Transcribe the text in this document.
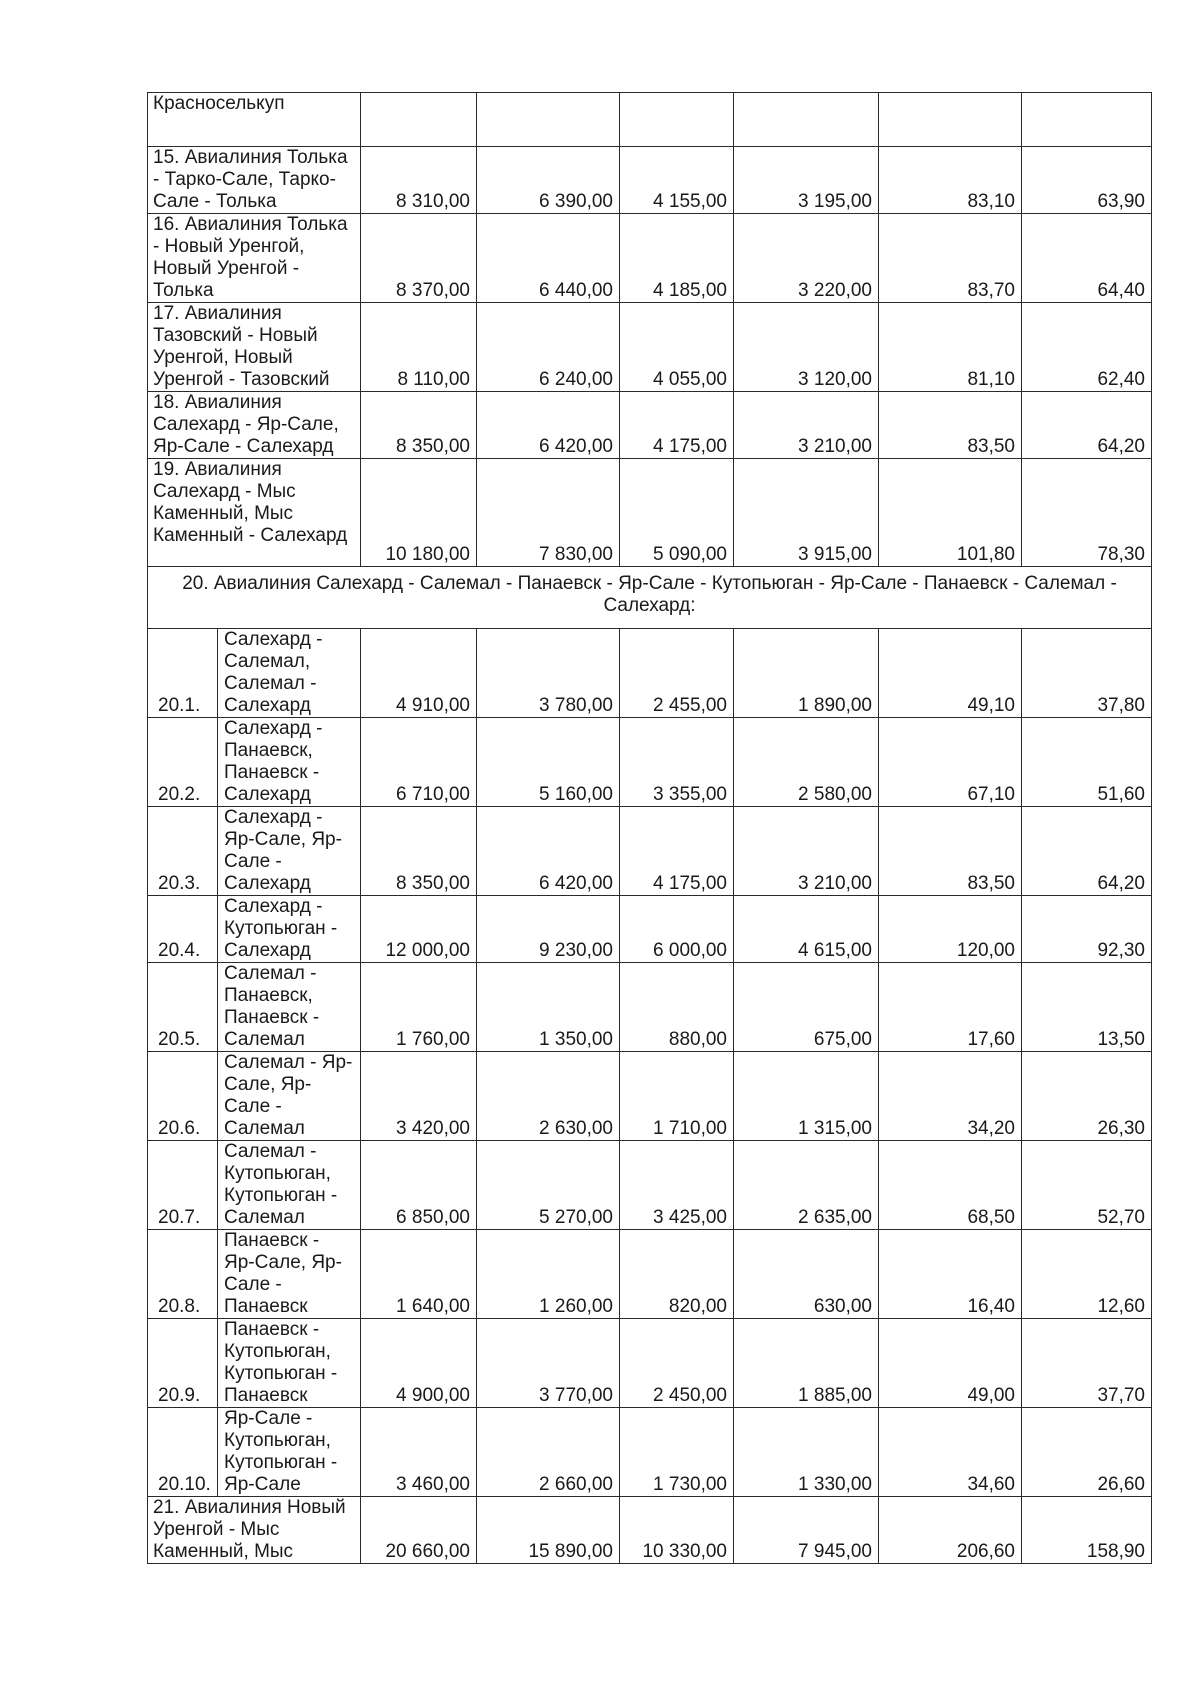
Красноселькуп							
15. Авиалиния Толька - Тарко-Сале, Тарко-Сале - Толька		8 310,00	6 390,00	4 155,00	3 195,00	83,10	63,90
16. Авиалиния Толька - Новый Уренгой, Новый Уренгой - Толька		8 370,00	6 440,00	4 185,00	3 220,00	83,70	64,40
17. Авиалиния Тазовский - Новый Уренгой, Новый Уренгой - Тазовский		8 110,00	6 240,00	4 055,00	3 120,00	81,10	62,40
18. Авиалиния Салехард - Яр-Сале, Яр-Сале - Салехард		8 350,00	6 420,00	4 175,00	3 210,00	83,50	64,20
19. Авиалиния Салехард - Мыс Каменный, Мыс Каменный - Салехард		10 180,00	7 830,00	5 090,00	3 915,00	101,80	78,30
20. Авиалиния Салехард - Салемал - Панаевск - Яр-Сале - Кутопьюган - Яр-Сале - Панаевск - Салемал - Салехард:							
20.1.	Салехард - Салемал, Салемал - Салехард	4 910,00	3 780,00	2 455,00	1 890,00	49,10	37,80
20.2.	Салехард - Панаевск, Панаевск - Салехард	6 710,00	5 160,00	3 355,00	2 580,00	67,10	51,60
20.3.	Салехард - Яр-Сале, Яр-Сале - Салехард	8 350,00	6 420,00	4 175,00	3 210,00	83,50	64,20
20.4.	Салехард - Кутопьюган - Салехард	12 000,00	9 230,00	6 000,00	4 615,00	120,00	92,30
20.5.	Салемал - Панаевск, Панаевск - Салемал	1 760,00	1 350,00	880,00	675,00	17,60	13,50
20.6.	Салемал - Яр-Сале, Яр-Сале - Салемал	3 420,00	2 630,00	1 710,00	1 315,00	34,20	26,30
20.7.	Салемал - Кутопьюган, Кутопьюган - Салемал	6 850,00	5 270,00	3 425,00	2 635,00	68,50	52,70
20.8.	Панаевск - Яр-Сале, Яр-Сале - Панаевск	1 640,00	1 260,00	820,00	630,00	16,40	12,60
20.9.	Панаевск - Кутопьюган, Кутопьюган - Панаевск	4 900,00	3 770,00	2 450,00	1 885,00	49,00	37,70
20.10.	Яр-Сале - Кутопьюган, Кутопьюган - Яр-Сале	3 460,00	2 660,00	1 730,00	1 330,00	34,60	26,60
21. Авиалиния Новый Уренгой - Мыс Каменный, Мыс		20 660,00	15 890,00	10 330,00	7 945,00	206,60	158,90
